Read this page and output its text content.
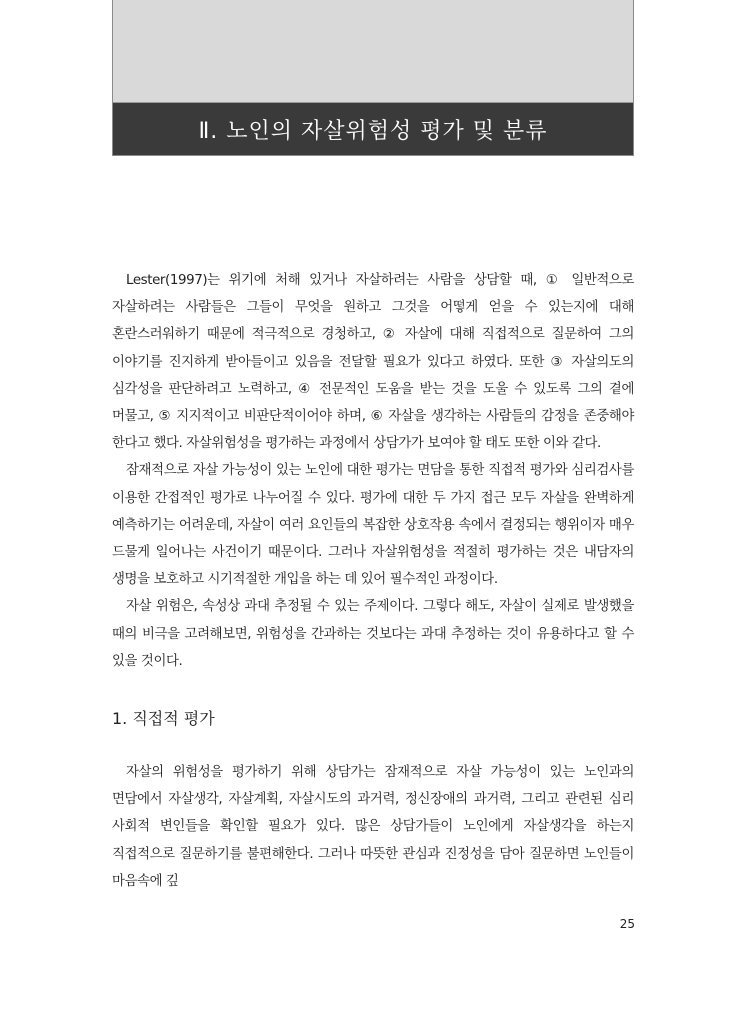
Ⅱ. 노인의 자살위험성 평가 및 분류

Lester(1997)는 위기에 처해 있거나 자살하려는 사람을 상담할 때, ① 일반적으로 자살하려는 사람들은 그들이 무엇을 원하고 그것을 어떻게 얻을 수 있는지에 대해 혼란스러워하기 때문에 적극적으로 경청하고, ② 자살에 대해 직접적으로 질문하여 그의 이야기를 진지하게 받아들이고 있음을 전달할 필요가 있다고 하였다. 또한 ③ 자살의도의 심각성을 판단하려고 노력하고, ④ 전문적인 도움을 받는 것을 도울 수 있도록 그의 곁에 머물고, ⑤ 지지적이고 비판단적이어야 하며, ⑥ 자살을 생각하는 사람들의 감정을 존중해야 한다고 했다. 자살위험성을 평가하는 과정에서 상담가가 보여야 할 태도 또한 이와 같다.

잠재적으로 자살 가능성이 있는 노인에 대한 평가는 면담을 통한 직접적 평가와 심리검사를 이용한 간접적인 평가로 나누어질 수 있다. 평가에 대한 두 가지 접근 모두 자살을 완벽하게 예측하기는 어려운데, 자살이 여러 요인들의 복잡한 상호작용 속에서 결정되는 행위이자 매우 드물게 일어나는 사건이기 때문이다. 그러나 자살위험성을 적절히 평가하는 것은 내담자의 생명을 보호하고 시기적절한 개입을 하는 데 있어 필수적인 과정이다.

자살 위험은, 속성상 과대 추정될 수 있는 주제이다. 그렇다 해도, 자살이 실제로 발생했을 때의 비극을 고려해보면, 위험성을 간과하는 것보다는 과대 추정하는 것이 유용하다고 할 수 있을 것이다.

1. 직접적 평가

자살의 위험성을 평가하기 위해 상담가는 잠재적으로 자살 가능성이 있는 노인과의 면담에서 자살생각, 자살계획, 자살시도의 과거력, 정신장애의 과거력, 그리고 관련된 심리 사회적 변인들을 확인할 필요가 있다. 많은 상담가들이 노인에게 자살생각을 하는지 직접적으로 질문하기를 불편해한다. 그러나 따뜻한 관심과 진정성을 담아 질문하면 노인들이 마음속에 깊

25
